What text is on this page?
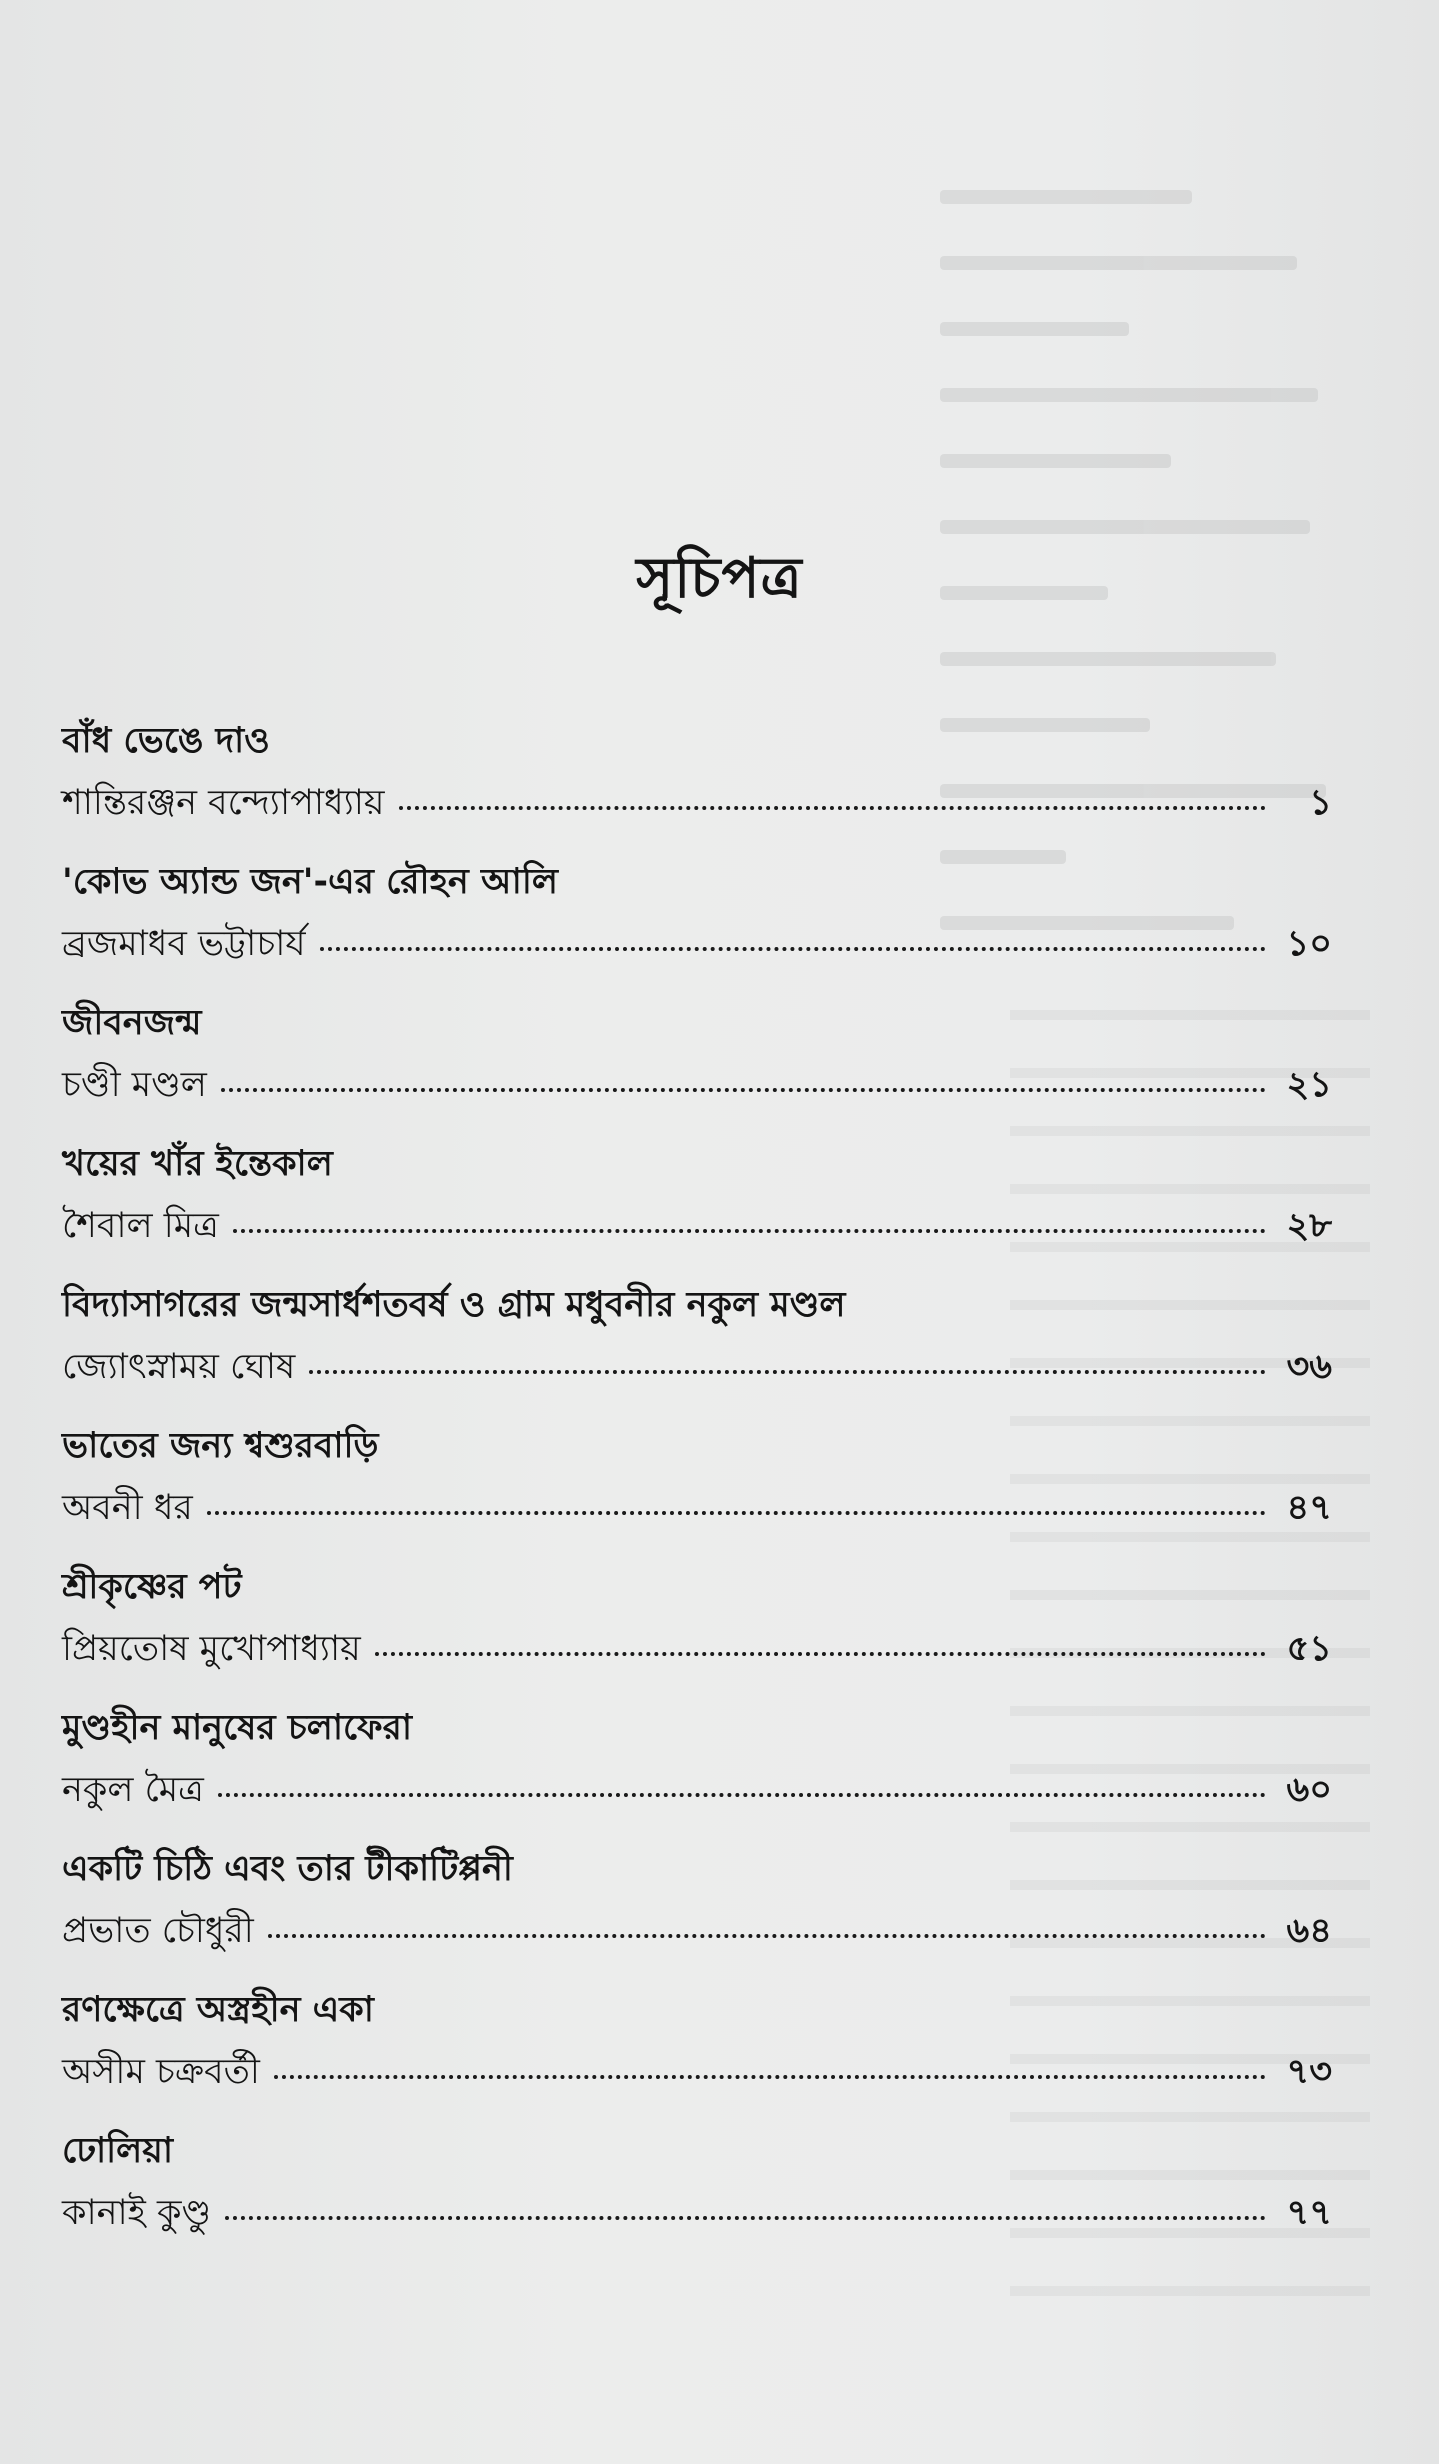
সূচিপত্র
বাঁধ ভেঙে দাও
শান্তিরঞ্জন বন্দ্যোপাধ্যায়	১
'কোভ অ্যান্ড জন'-এর রৌহন আলি
ব্রজমাধব ভট্টাচার্য	১০
জীবনজন্ম
চণ্ডী মণ্ডল	২১
খয়ের খাঁর ইন্তেকাল
শৈবাল মিত্র	২৮
বিদ্যাসাগরের জন্মসার্ধশতবর্ষ ও গ্রাম মধুবনীর নকুল মণ্ডল
জ্যোৎস্নাময় ঘোষ	৩৬
ভাতের জন্য শ্বশুরবাড়ি
অবনী ধর	৪৭
শ্রীকৃষ্ণের পট
প্রিয়তোষ মুখোপাধ্যায়	৫১
মুণ্ডহীন মানুষের চলাফেরা
নকুল মৈত্র	৬০
একটি চিঠি এবং তার টীকাটিপ্পনী
প্রভাত চৌধুরী	৬৪
রণক্ষেত্রে অস্ত্রহীন একা
অসীম চক্রবর্তী	৭৩
ঢোলিয়া
কানাই কুণ্ডু	৭৭
